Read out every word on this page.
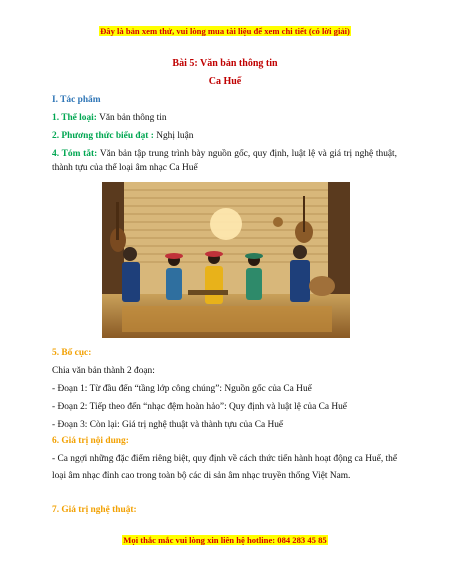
Đây là bản xem thử, vui lòng mua tài liệu để xem chi tiết (có lời giải)
Bài 5: Văn bản thông tin
Ca Huế
I. Tác phẩm
1. Thể loại: Văn bản thông tin
2. Phương thức biểu đạt : Nghị luận
4. Tóm tắt: Văn bản tập trung trình bày nguồn gốc, quy định, luật lệ và giá trị nghệ thuật, thành tựu của thể loại âm nhạc Ca Huế
5. Bố cục:
Chia văn bản thành 2 đoạn:
- Đoạn 1: Từ đầu đến “tầng lớp công chúng”: Nguồn gốc của Ca Huế
- Đoạn 2: Tiếp theo đến “nhạc đệm hoàn hảo”: Quy định và luật lệ của Ca Huế
- Đoạn 3: Còn lại: Giá trị nghệ thuật và thành tựu của Ca Huế
6. Giá trị nội dung:
- Ca ngợi những đặc điểm riêng biệt, quy định về cách thức tiến hành hoạt động ca Huế, thể loại âm nhạc đỉnh cao trong toàn bộ các di sản âm nhạc truyền thống Việt Nam.
7. Giá trị nghệ thuật:
Mọi thắc mắc vui lòng xin liên hệ hotline: 084 283 45 85
